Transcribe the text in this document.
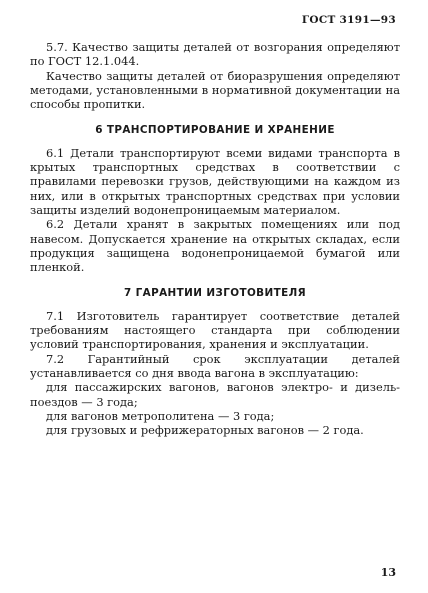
ГОСТ 3191—93

5.7. Качество защиты деталей от возгорания определяют по ГОСТ 12.1.044.

Качество защиты деталей от биоразрушения определяют методами, установленными в нормативной документации на способы пропитки.

6 ТРАНСПОРТИРОВАНИЕ И ХРАНЕНИЕ

6.1 Детали транспортируют всеми видами транспорта в крытых транспортных средствах в соответствии с правилами перевозки грузов, действующими на каждом из них, или в открытых транспортных средствах при условии защиты изделий водонепроницаемым материалом.

6.2 Детали хранят в закрытых помещениях или под навесом. Допускается хранение на открытых складах, если продукция защищена водонепроницаемой бумагой или пленкой.

7 ГАРАНТИИ ИЗГОТОВИТЕЛЯ

7.1 Изготовитель гарантирует соответствие деталей требованиям настоящего стандарта при соблюдении условий транспортирования, хранения и эксплуатации.

7.2 Гарантийный срок эксплуатации деталей устанавливается со дня ввода вагона в эксплуатацию:

для пассажирских вагонов, вагонов электро- и дизель-поездов — 3 года;

для вагонов метрополитена — 3 года;

для грузовых и рефрижераторных вагонов — 2 года.

13
